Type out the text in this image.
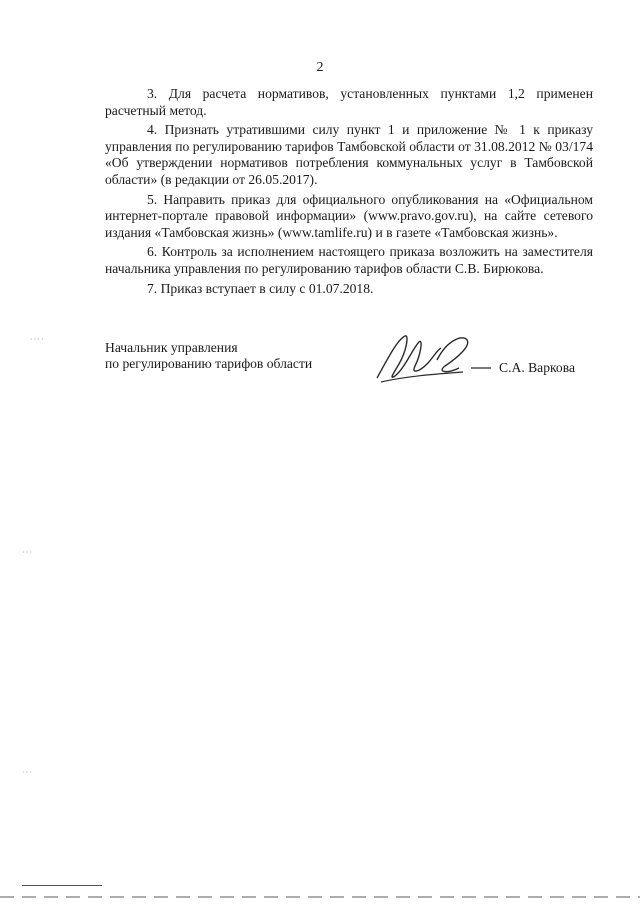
2

3. Для расчета нормативов, установленных пунктами 1,2 применен расчетный метод.

4. Признать утратившими силу пункт 1 и приложение № 1 к приказу управления по регулированию тарифов Тамбовской области от 31.08.2012 № 03/174 «Об утверждении нормативов потребления коммунальных услуг в Тамбовской области» (в редакции от 26.05.2017).

5. Направить приказ для официального опубликования на «Официальном интернет-портале правовой информации» (www.pravo.gov.ru), на сайте сетевого издания «Тамбовская жизнь» (www.tamlife.ru) и в газете «Тамбовская жизнь».

6. Контроль за исполнением настоящего приказа возложить на заместителя начальника управления по регулированию тарифов области С.В. Бирюкова.

7. Приказ вступает в силу с 01.07.2018.

Начальник управления
по регулированию тарифов области	С.А. Варкова
····
···
···
